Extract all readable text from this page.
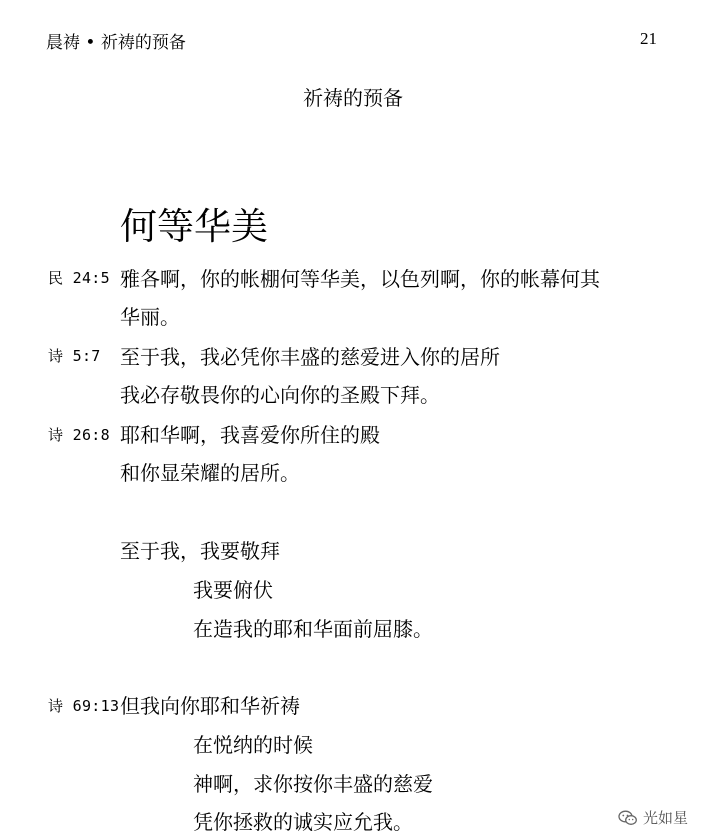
晨祷 • 祈祷的预备	21
祈祷的预备
何等华美
民 24:5 雅各啊，你的帐棚何等华美，以色列啊，你的帐幕何其
华丽。
诗 5:7 至于我，我必凭你丰盛的慈爱进入你的居所
我必存敬畏你的心向你的圣殿下拜。
诗 26:8 耶和华啊，我喜爱你所住的殿
和你显荣耀的居所。
至于我，我要敬拜
我要俯伏
在造我的耶和华面前屈膝。
诗 69:13 但我向你耶和华祈祷
在悦纳的时候
神啊，求你按你丰盛的慈爱
凭你拯救的诚实应允我。	光如星
